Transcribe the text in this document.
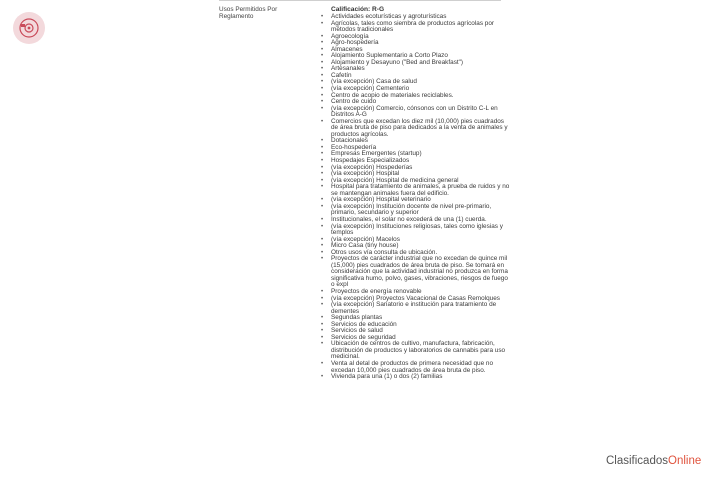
Usos Permitidos Por Reglamento
Calificación: R-G
• Actividades ecoturísticas y agroturísticas
• Agrícolas, tales como siembra de productos agrícolas por métodos tradicionales
• Agroecología
• Agro-hospedería
• Almacenes
• Alojamiento Suplementario a Corto Plazo
• Alojamiento y Desayuno ("Bed and Breakfast")
• Artesanales
• Cafetín
• (vía excepción) Casa de salud
• (vía excepción) Cementerio
• Centro de acopio de materiales reciclables.
• Centro de cuido
• (vía excepción) Comercio, cónsonos con un Distrito C-L en Distritos A-G
• Comercios que excedan los diez mil (10,000) pies cuadrados de área bruta de piso para dedicados a la venta de animales y productos agrícolas.
• Dotacionales
• Eco-hospedería
• Empresas Emergentes (startup)
• Hospedajes Especializados
• (vía excepción) Hospederías
• (vía excepción) Hospital
• (vía excepción) Hospital de medicina general
• Hospital para tratamiento de animales, a prueba de ruidos y no se mantengan animales fuera del edificio.
• (vía excepción) Hospital veterinario
• (vía excepción) Institución docente de nivel pre-primario, primario, secundario y superior
• Institucionales, el solar no excederá de una (1) cuerda.
• (vía excepción) Instituciones religiosas, tales como iglesias y templos
• (vía excepción) Macelos
• Micro Casa (tiny house)
• Otros usos vía consulta de ubicación.
• Proyectos de carácter industrial que no excedan de quince mil (15,000) pies cuadrados de área bruta de piso. Se tomará en consideración que la actividad industrial no produzca en forma significativa humo, polvo, gases, vibraciones, riesgos de fuego o expl
• Proyectos de energía renovable
• (vía excepción) Proyectos Vacacional de Casas Remolques
• (vía excepción) Sanatorio e institución para tratamiento de dementes
• Segundas plantas
• Servicios de educación
• Servicios de salud
• Servicios de seguridad
• Ubicación de centros de cultivo, manufactura, fabricación, distribución de productos y laboratorios de cannabis para uso medicinal.
• Venta al detal de productos de primera necesidad que no excedan 10,000 pies cuadrados de área bruta de piso.
• Vivienda para una (1) o dos (2) familias
ClasificadosOnline
